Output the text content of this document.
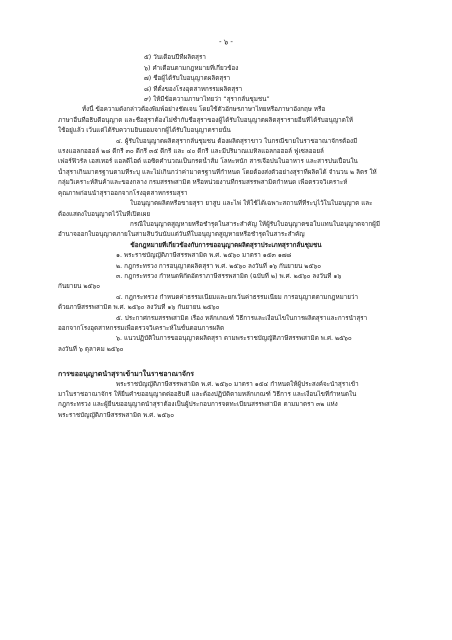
- ๖ -
๕) วันเดือนปีที่ผลิตสุรา
๖) คำเตือนตามกฎหมายที่เกี่ยวข้อง
๗) ชื่อผู้ได้รับใบอนุญาตผลิตสุรา
๘) ที่ตั้งของโรงอุตสาหกรรมผลิตสุรา
๙) ให้มีข้อความภาษาไทยว่า “สุรากลั่นชุมชน”
ทั้งนี้ ข้อความดังกล่าวต้องพิมพ์อย่างชัดเจน โดยใช้ตัวอักษรภาษาไทยหรือภาษาอังกฤษ หรือ
ภาษาอื่นที่อธิบดีอนุญาต และชื่อสุราต้องไม่ซ้ำกับชื่อสุราของผู้ได้รับใบอนุญาตผลิตสุรารายอื่นที่ได้รับอนุญาตให้
ใช้อยู่แล้ว เว้นแต่ได้รับความยินยอมจากผู้ได้รับใบอนุญาตรายนั้น
๔. ผู้รับใบอนุญาตผลิตสุรากลั่นชุมชน ต้องผลิตสุราขาว ในกรณีขายในราชอาณาจักรต้องมี
แรงแอลกอฮอล์ ๒๘ ดีกรี ๓๐ ดีกรี ๓๕ ดีกรี และ ๔๐ ดีกรี และมีปริมาณเมทิลแอลกอฮอล์ ฟูเซลออยล์
เฟอร์ฟิวรัล เอสเทอร์ แอลดีไฮด์ แอซิดคำนวณเป็นกรดน้ำส้ม โลหะหนัก สารเจือปนในอาหาร และสารปนเปื้อนใน
น้ำสุราเกินมาตรฐานตามที่ระบุ และไม่เกินกว่าค่ามาตรฐานที่กำหนด โดยต้องส่งตัวอย่างสุราที่ผลิตได้ จำนวน ๒ ลิตร ให้
กลุ่มวิเคราะห์สินค้าและของกลาง กรมสรรพสามิต หรือหน่วยงานที่กรมสรรพสามิตกำหนด เพื่อตรวจวิเคราะห์
คุณภาพก่อนนำสุราออกจากโรงอุตสาหกรรมสุรา
ใบอนุญาตผลิตหรือขายสุรา ยาสูบ และไพ่ ให้ใช้ได้เฉพาะสถานที่ที่ระบุไว้ในใบอนุญาต และ
ต้องแสดงใบอนุญาตไว้ในที่เปิดเผย
กรณีใบอนุญาตสูญหายหรือชำรุดในสาระสำคัญ ให้ผู้รับใบอนุญาตขอใบแทนใบอนุญาตจากผู้มี
อำนาจออกใบอนุญาตภายในสามสิบวันนับแต่วันที่ใบอนุญาตสูญหายหรือชำรุดในสาระสำคัญ
ข้อกฎหมายที่เกี่ยวข้องกับการขออนุญาตผลิตสุราประเภทสุรากลั่นชุมชน
๑. พระราชบัญญัติภาษีสรรพสามิต พ.ศ. ๒๕๖๐ มาตรา ๑๕๓ ๑๗๘
๒. กฎกระทรวง การอนุญาตผลิตสุรา พ.ศ. ๒๕๖๐ ลงวันที่ ๑๖ กันยายน ๒๕๖๐
๓. กฎกระทรวง กำหนดพิกัดอัตราภาษีสรรพสามิต (ฉบับที่ ๒) พ.ศ. ๒๕๖๐ ลงวันที่ ๑๖
กันยายน ๒๕๖๐
๔. กฎกระทรวง กำหนดค่าธรรมเนียมและยกเว้นค่าธรรมเนียม การอนุญาตตามกฎหมายว่า
ด้วยภาษีสรรพสามิต พ.ศ. ๒๕๖๐ ลงวันที่ ๑๖ กันยายน ๒๕๖๐
๕. ประกาศกรมสรรพสามิต เรื่อง หลักเกณฑ์ วิธีการและเงื่อนไขในการผลิตสุราและการนำสุรา
ออกจากโรงอุตสาหกรรมเพื่อตรวจวิเคราะห์ในขั้นตอนการผลิต
๖. แนวปฏิบัติในการขออนุญาตผลิตสุรา ตามพระราชบัญญัติภาษีสรรพสามิต พ.ศ. ๒๕๖๐
ลงวันที่ ๖ ตุลาคม ๒๕๖๐
การขออนุญาตนำสุราเข้ามาในราชอาณาจักร
พระราชบัญญัติภาษีสรรพสามิต พ.ศ. ๒๕๖๐ มาตรา ๑๕๔ กำหนดให้ผู้ประสงค์จะนำสุราเข้า
มาในราชอาณาจักร ให้ยื่นคำขออนุญาตต่ออธิบดี และต้องปฏิบัติตามหลักเกณฑ์ วิธีการ และเงื่อนไขที่กำหนดใน
กฎกระทรวง และผู้ยื่นขออนุญาตนำสุราต้องเป็นผู้ประกอบการจดทะเบียนสรรพสามิต ตามมาตรา ๓๒ แห่ง
พระราชบัญญัติภาษีสรรพสามิต พ.ศ. ๒๕๖๐
